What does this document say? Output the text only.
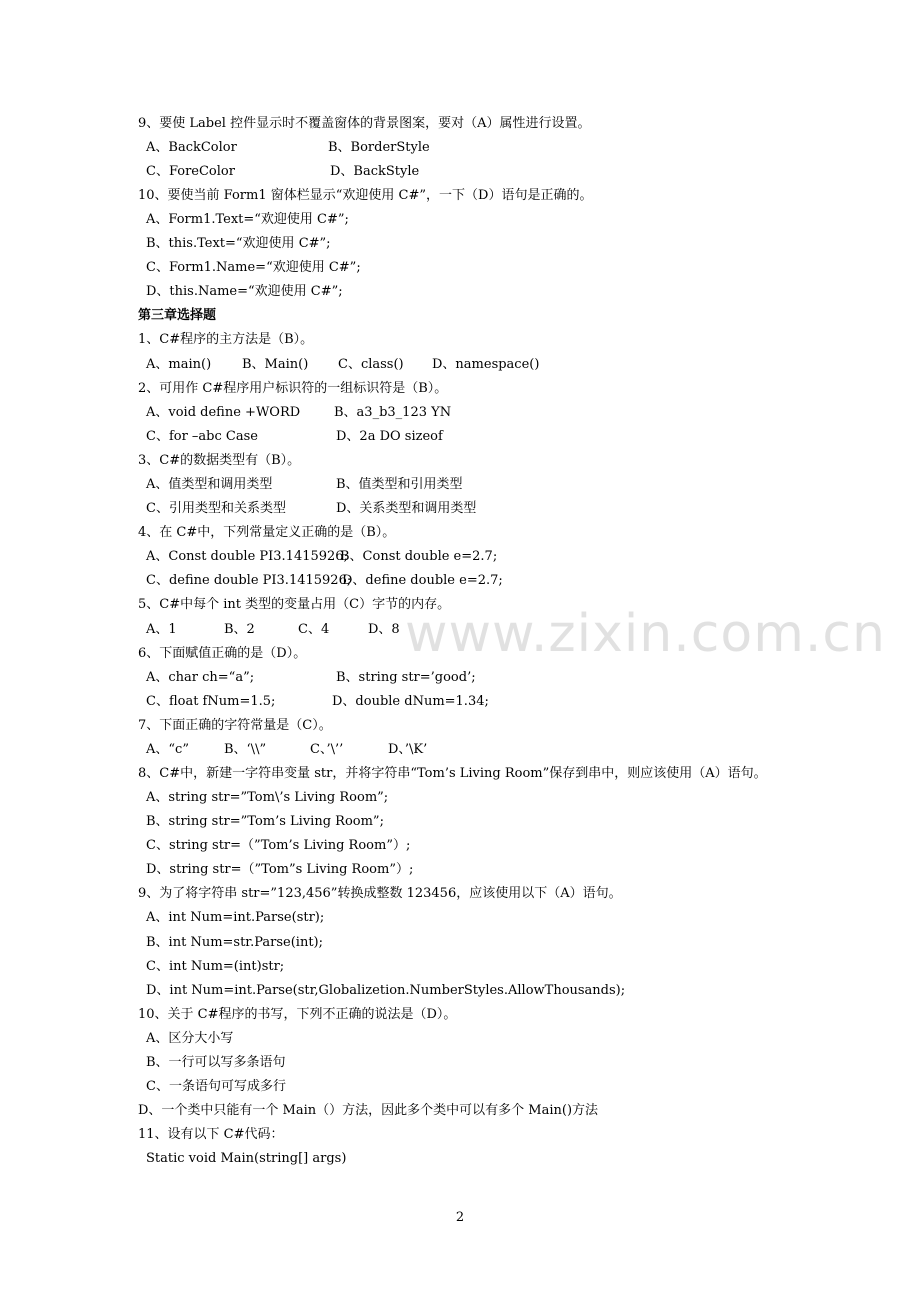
9、要使 Label 控件显示时不覆盖窗体的背景图案，要对（A）属性进行设置。
A、BackColor	B、BorderStyle
C、ForeColor	D、BackStyle
10、要使当前 Form1 窗体栏显示“欢迎使用 C#”，一下（D）语句是正确的。
A、Form1.Text=“欢迎使用 C#”;
B、this.Text=“欢迎使用 C#”;
C、Form1.Name=“欢迎使用 C#”;
D、this.Name=“欢迎使用 C#”;
第三章选择题
1、C#程序的主方法是（B）。
A、main() B、Main() C、class() D、namespace()
2、可用作 C#程序用户标识符的一组标识符是（B）。
A、void define +WORD	B、a3_b3_123 YN
C、for –abc Case	D、2a DO sizeof
3、C#的数据类型有（B）。
A、值类型和调用类型	B、值类型和引用类型
C、引用类型和关系类型	D、关系类型和调用类型
4、在 C#中，下列常量定义正确的是（B）。
A、Const double PI3.1415926;
B、Const double e=2.7;
C、define double PI3.1415926;
D、define double e=2.7;
5、C#中每个 int 类型的变量占用（C）字节的内存。
A、1	B、2	C、4	D、8
6、下面赋值正确的是（D）。
A、char ch=“a”;	B、string str=’good’;
C、float fNum=1.5;	D、double dNum=1.34;
7、下面正确的字符常量是（C）。
A、“c”	B、‘\\”	C、’\’’	D、’\K’
8、C#中，新建一字符串变量 str，并将字符串“Tom’s Living Room”保存到串中，则应该使用（A）语句。
A、string str=”Tom\’s Living Room”;
B、string str=”Tom’s Living Room”;
C、string str=（”Tom’s Living Room”）;
D、string str=（”Tom”s Living Room”）;
9、为了将字符串 str=”123,456”转换成整数 123456，应该使用以下（A）语句。
A、int Num=int.Parse(str);
B、int Num=str.Parse(int);
C、int Num=(int)str;
D、int Num=int.Parse(str,Globalizetion.NumberStyles.AllowThousands);
10、关于 C#程序的书写，下列不正确的说法是（D）。
A、区分大小写
B、一行可以写多条语句
C、一条语句可写成多行
D、一个类中只能有一个 Main（）方法，因此多个类中可以有多个 Main()方法
11、设有以下 C#代码：
Static void Main(string[] args)
www.zixin.com.cn
2
